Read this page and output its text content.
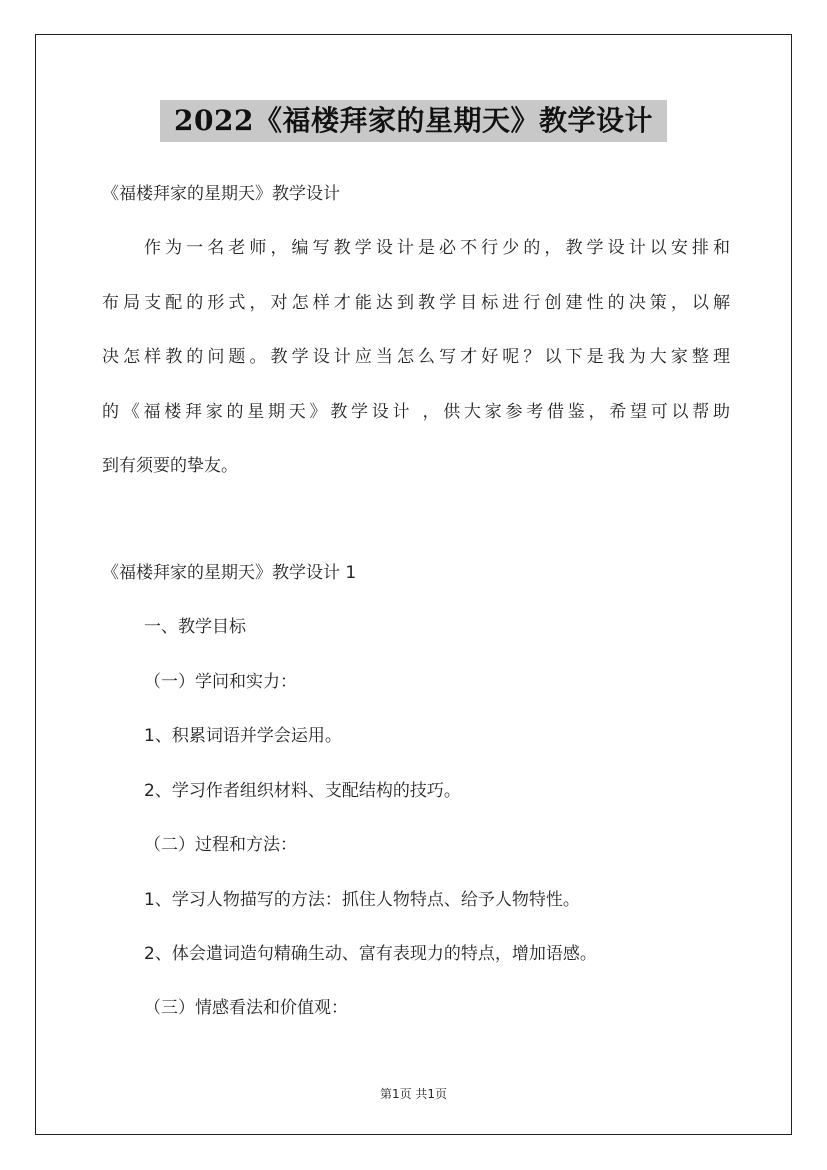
2022《福楼拜家的星期天》教学设计
《福楼拜家的星期天》教学设计
作为一名老师，编写教学设计是必不行少的，教学设计以安排和
布局支配的形式，对怎样才能达到教学目标进行创建性的决策，以解
决怎样教的问题。教学设计应当怎么写才好呢？以下是我为大家整理
的《福楼拜家的星期天》教学设计 ，供大家参考借鉴，希望可以帮助
到有须要的挚友。
《福楼拜家的星期天》教学设计 1
一、教学目标
（一）学问和实力：
1、积累词语并学会运用。
2、学习作者组织材料、支配结构的技巧。
（二）过程和方法：
1、学习人物描写的方法：抓住人物特点、给予人物特性。
2、体会遣词造句精确生动、富有表现力的特点，增加语感。
（三）情感看法和价值观：
第1页 共1页
